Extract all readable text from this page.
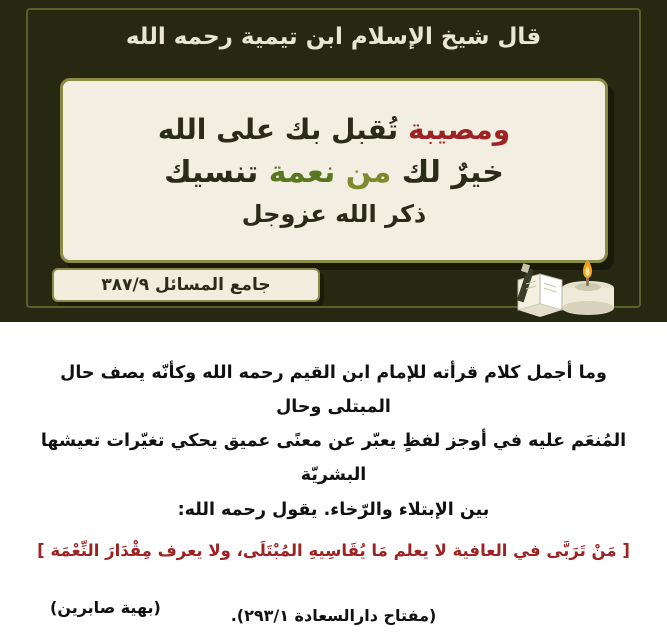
قال شيخ الإسلام ابن تيمية رحمه الله
ومصيبة تُقبل بك على الله
خيرٌ لك من نعمة تنسيك
ذكر الله عزوجل
جامع المسائل ٣٨٧/٩

وما أجمل كلام قرأته للإمام ابن القيم رحمه الله وكأنّه يصف حال المبتلى وحال
المُنعَم عليه في أوجز لفظٍ يعبّر عن معنًى عميق يحكي تغيّرات تعيشها البشريّة
بين الإبتلاء والرّخاء. يقول رحمه الله:

[ مَنْ تَرَبَّى في العافية لا يعلم مَا يُقَاسِيهِ المُبْتَلَى، ولا يعرف مِقْدَارَ النِّعْمَة ]

(مفتاح دارالسعادة ٢٩٣/١).

(بهية صابرين)
